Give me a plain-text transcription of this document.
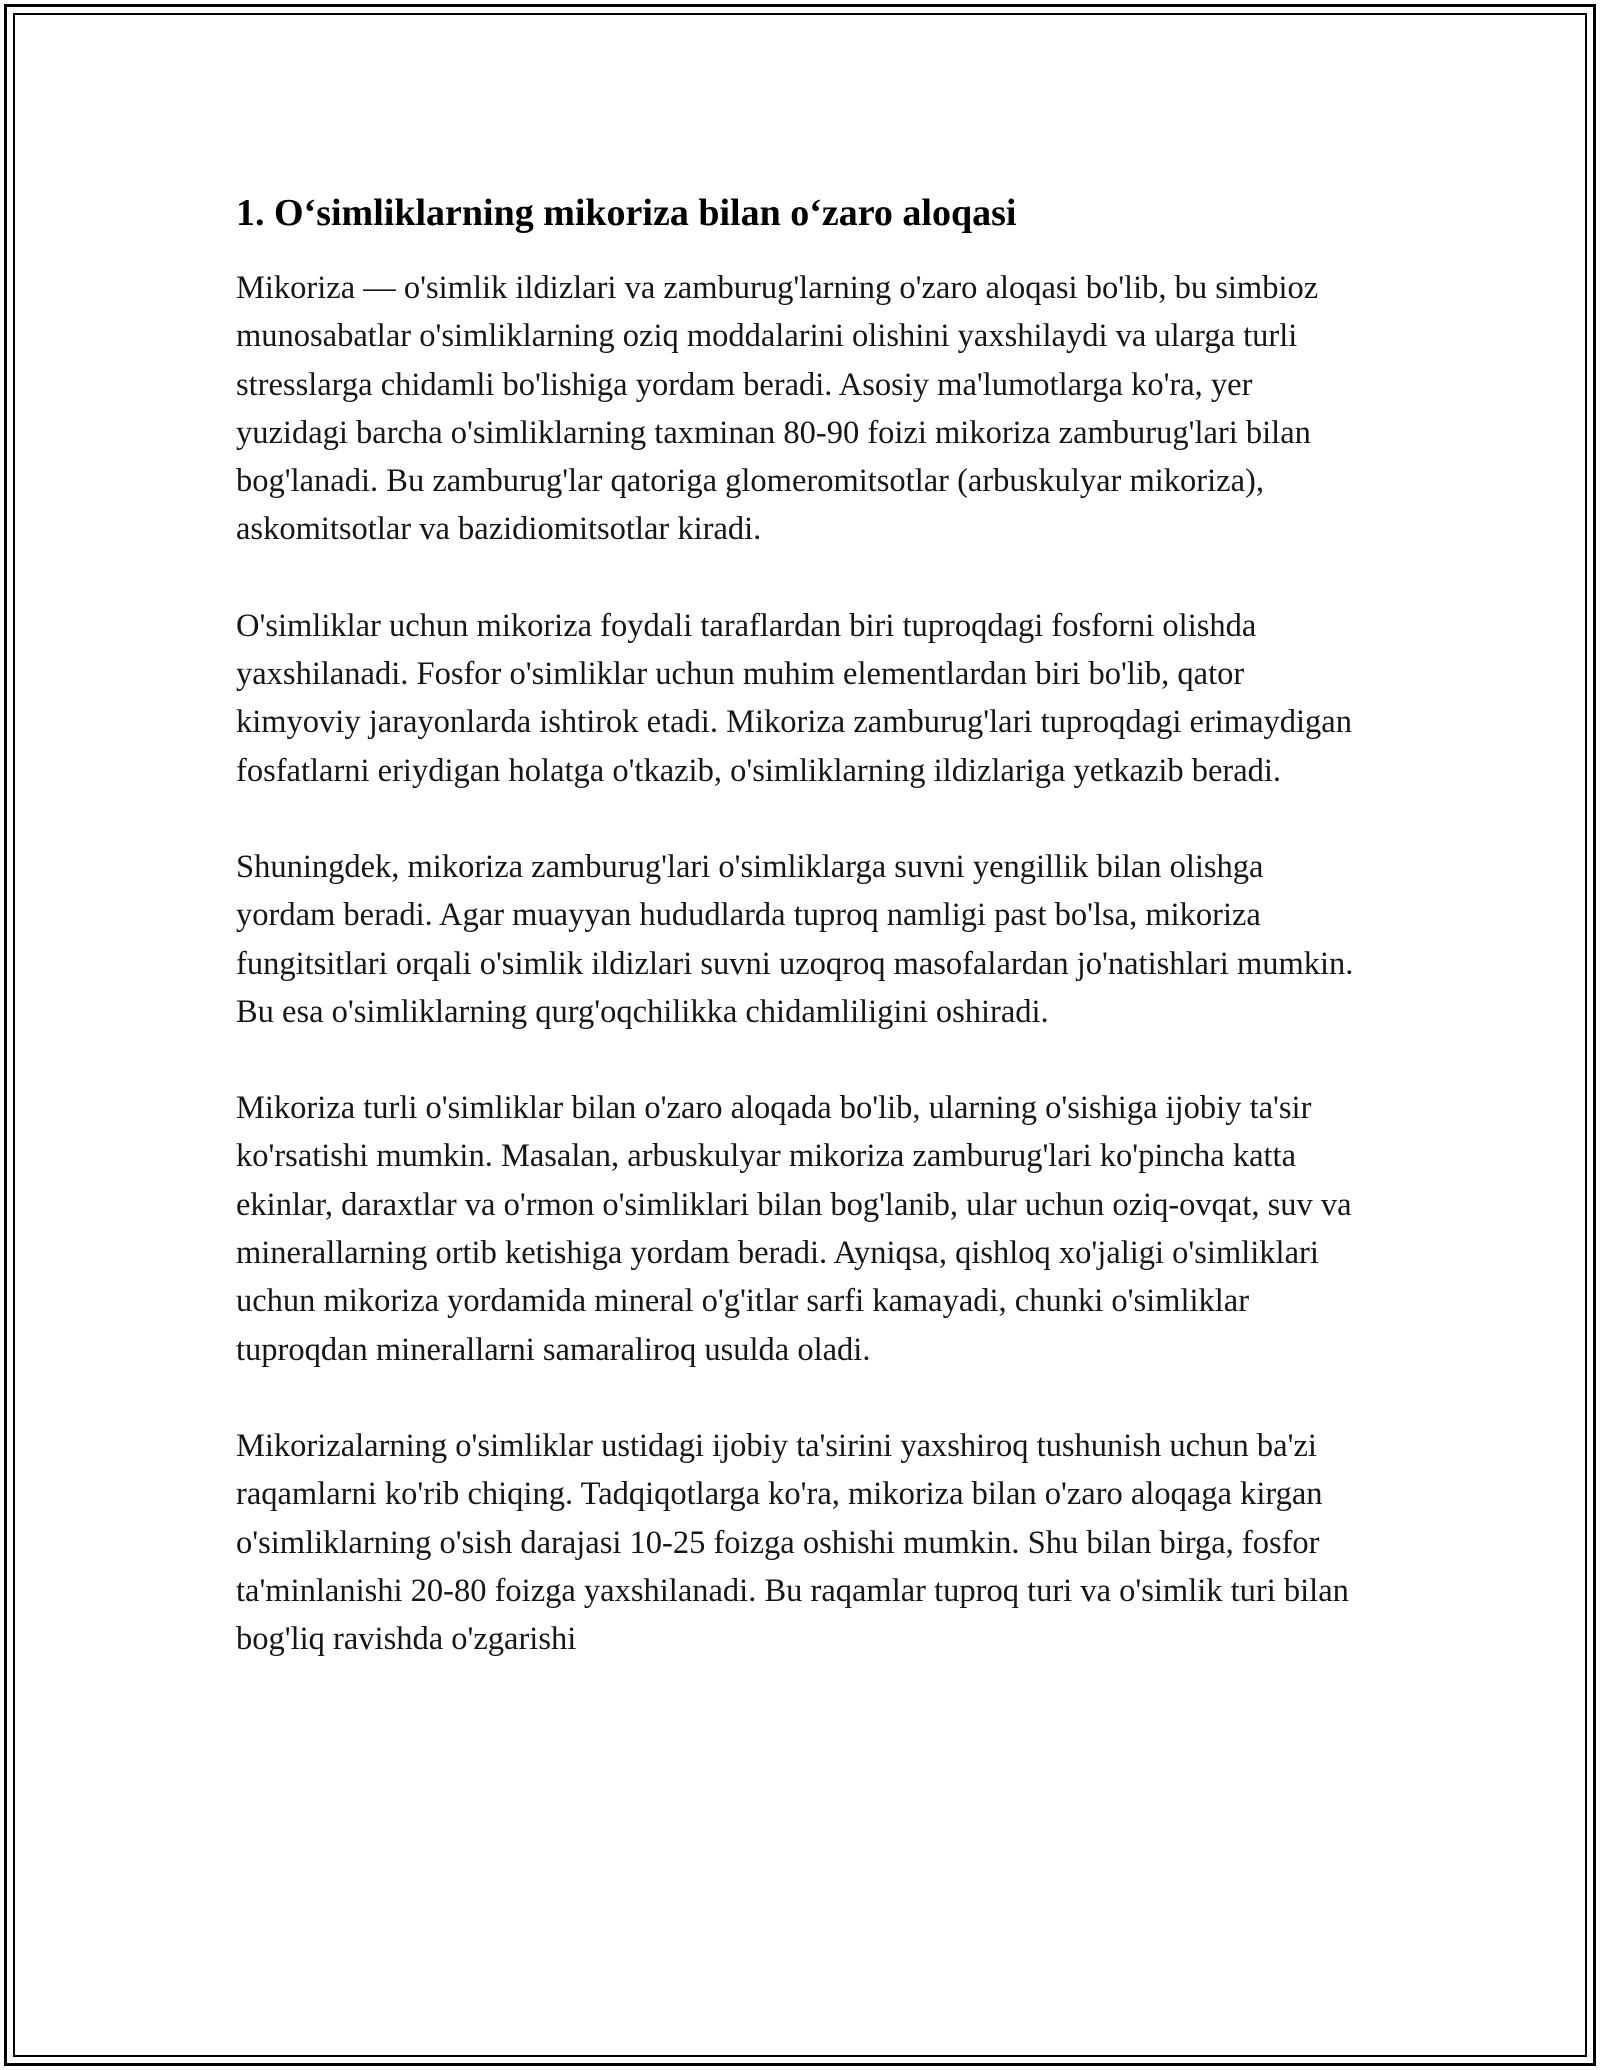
1. O‘simliklarning mikoriza bilan o‘zaro aloqasi

Mikoriza — o'simlik ildizlari va zamburug'larning o'zaro aloqasi bo'lib, bu simbioz munosabatlar o'simliklarning oziq moddalarini olishini yaxshilaydi va ularga turli stresslarga chidamli bo'lishiga yordam beradi. Asosiy ma'lumotlarga ko'ra, yer yuzidagi barcha o'simliklarning taxminan 80-90 foizi mikoriza zamburug'lari bilan bog'lanadi. Bu zamburug'lar qatoriga glomeromitsotlar (arbuskulyar mikoriza), askomitsotlar va bazidiomitsotlar kiradi.

O'simliklar uchun mikoriza foydali taraflardan biri tuproqdagi fosforni olishda yaxshilanadi. Fosfor o'simliklar uchun muhim elementlardan biri bo'lib, qator kimyoviy jarayonlarda ishtirok etadi. Mikoriza zamburug'lari tuproqdagi erimaydigan fosfatlarni eriydigan holatga o'tkazib, o'simliklarning ildizlariga yetkazib beradi.

Shuningdek, mikoriza zamburug'lari o'simliklarga suvni yengillik bilan olishga yordam beradi. Agar muayyan hududlarda tuproq namligi past bo'lsa, mikoriza fungitsitlari orqali o'simlik ildizlari suvni uzoqroq masofalardan jo'natishlari mumkin. Bu esa o'simliklarning qurg'oqchilikka chidamliligini oshiradi.

Mikoriza turli o'simliklar bilan o'zaro aloqada bo'lib, ularning o'sishiga ijobiy ta'sir ko'rsatishi mumkin. Masalan, arbuskulyar mikoriza zamburug'lari ko'pincha katta ekinlar, daraxtlar va o'rmon o'simliklari bilan bog'lanib, ular uchun oziq-ovqat, suv va minerallarning ortib ketishiga yordam beradi. Ayniqsa, qishloq xo'jaligi o'simliklari uchun mikoriza yordamida mineral o'g'itlar sarfi kamayadi, chunki o'simliklar tuproqdan minerallarni samaraliroq usulda oladi.

Mikorizalarning o'simliklar ustidagi ijobiy ta'sirini yaxshiroq tushunish uchun ba'zi raqamlarni ko'rib chiqing. Tadqiqotlarga ko'ra, mikoriza bilan o'zaro aloqaga kirgan o'simliklarning o'sish darajasi 10-25 foizga oshishi mumkin. Shu bilan birga, fosfor ta'minlanishi 20-80 foizga yaxshilanadi. Bu raqamlar tuproq turi va o'simlik turi bilan bog'liq ravishda o'zgarishi
